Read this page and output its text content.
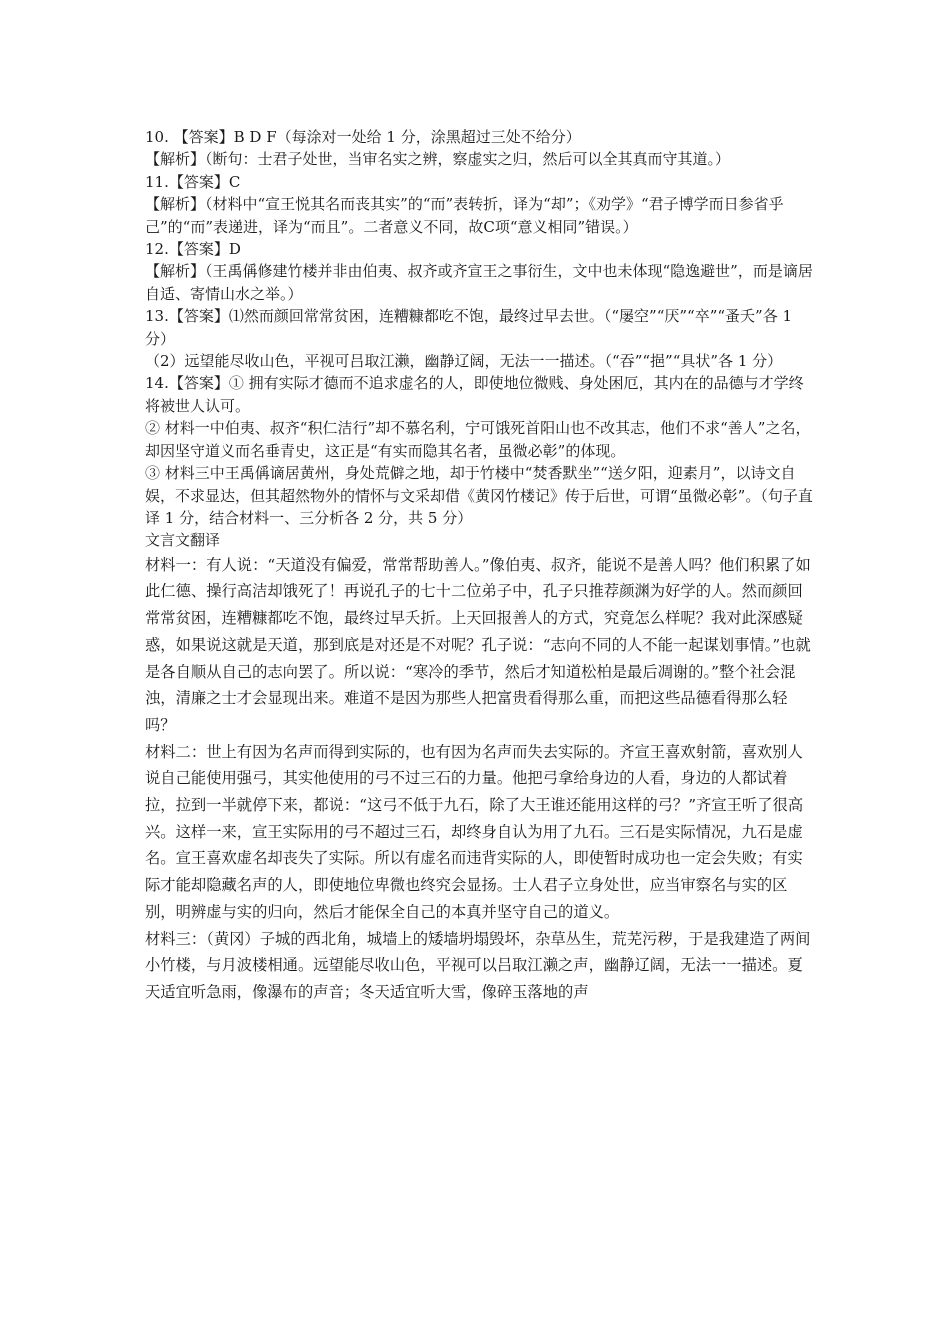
10. 【答案】B D F（每涂对一处给 1 分，涂黑超过三处不给分）

【解析】（断句：士君子处世，当审名实之辨，察虚实之归，然后可以全其真而守其道。）

11.【答案】C

【解析】（材料中“宣王悦其名而丧其实”的“而”表转折，译为“却”；《劝学》“君子博学而日参省乎己”的“而”表递进，译为“而且”。二者意义不同，故C项“意义相同”错误。）

12.【答案】D

【解析】（王禹偁修建竹楼并非由伯夷、叔齐或齐宣王之事衍生，文中也未体现“隐逸避世”，而是谪居自适、寄情山水之举。）

13.【答案】⑴然而颜回常常贫困，连糟糠都吃不饱，最终过早去世。（“屡空”“厌”“卒”“蚤夭”各 1 分）

（2）远望能尽收山色，平视可吕取江濑，幽静辽阔，无法一一描述。（“吞”“挹”“具状”各 1 分）

14.【答案】① 拥有实际才德而不追求虚名的人，即使地位微贱、身处困厄，其内在的品德与才学终将被世人认可。

② 材料一中伯夷、叔齐“积仁洁行”却不慕名利，宁可饿死首阳山也不改其志，他们不求“善人”之名，却因坚守道义而名垂青史，这正是“有实而隐其名者，虽微必彰”的体现。

③ 材料三中王禹偁谪居黄州，身处荒僻之地，却于竹楼中“焚香默坐”“送夕阳，迎素月”，以诗文自娱，不求显达，但其超然物外的情怀与文采却借《黄冈竹楼记》传于后世，可谓“虽微必彰”。（句子直译 1 分，结合材料一、三分析各 2 分，共 5 分）

文言文翻译

材料一：有人说：“天道没有偏爱，常常帮助善人。”像伯夷、叔齐，能说不是善人吗？他们积累了如此仁德、操行高洁却饿死了！再说孔子的七十二位弟子中，孔子只推荐颜渊为好学的人。然而颜回常常贫困，连糟糠都吃不饱，最终过早夭折。上天回报善人的方式，究竟怎么样呢？我对此深感疑惑，如果说这就是天道，那到底是对还是不对呢？孔子说：“志向不同的人不能一起谋划事情。”也就是各自顺从自己的志向罢了。所以说：“寒冷的季节，然后才知道松柏是最后凋谢的。”整个社会混浊，清廉之士才会显现出来。难道不是因为那些人把富贵看得那么重，而把这些品德看得那么轻吗？

材料二：世上有因为名声而得到实际的，也有因为名声而失去实际的。齐宣王喜欢射箭，喜欢别人说自己能使用强弓，其实他使用的弓不过三石的力量。他把弓拿给身边的人看，身边的人都试着拉，拉到一半就停下来，都说：“这弓不低于九石，除了大王谁还能用这样的弓？”齐宣王听了很高兴。这样一来，宣王实际用的弓不超过三石，却终身自认为用了九石。三石是实际情况，九石是虚名。宣王喜欢虚名却丧失了实际。所以有虚名而违背实际的人，即使暂时成功也一定会失败；有实际才能却隐藏名声的人，即使地位卑微也终究会显扬。士人君子立身处世，应当审察名与实的区别，明辨虚与实的归向，然后才能保全自己的本真并坚守自己的道义。

材料三：（黄冈）子城的西北角，城墙上的矮墙坍塌毁坏，杂草丛生，荒芜污秽，于是我建造了两间小竹楼，与月波楼相通。远望能尽收山色，平视可以吕取江濑之声，幽静辽阔，无法一一描述。夏天适宜听急雨，像瀑布的声音；冬天适宜听大雪，像碎玉落地的声
